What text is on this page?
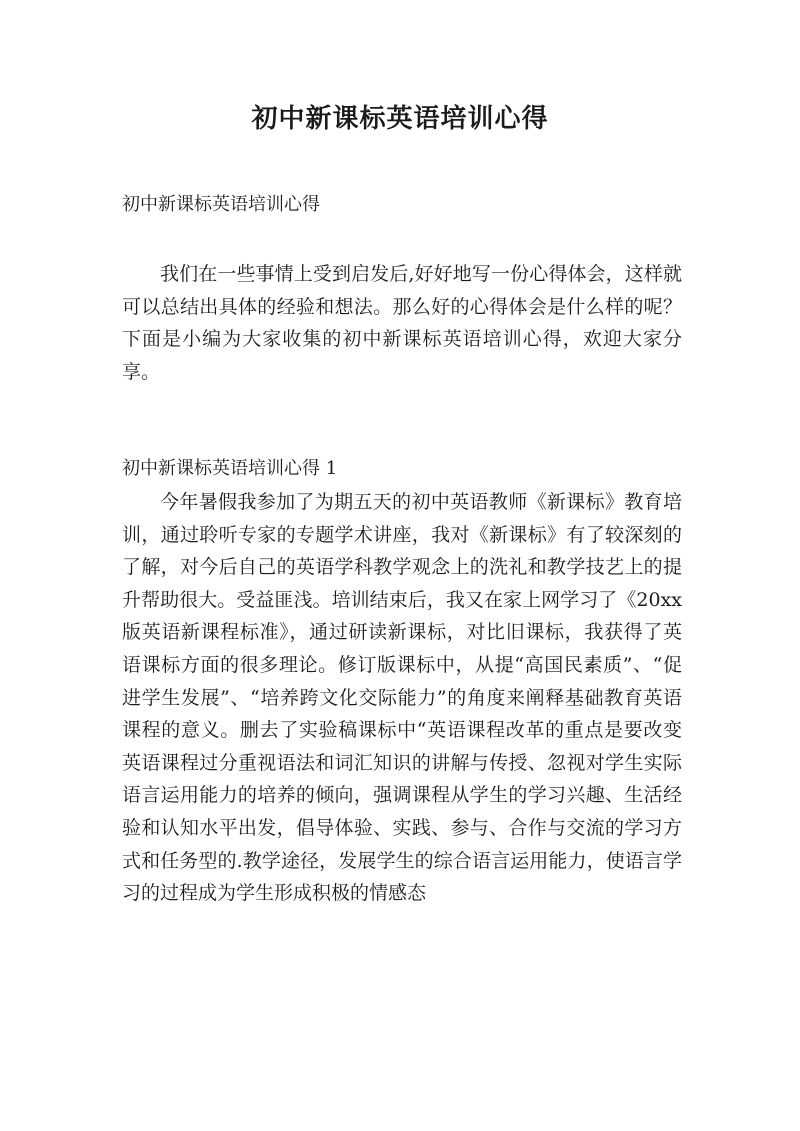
初中新课标英语培训心得

初中新课标英语培训心得

我们在一些事情上受到启发后,好好地写一份心得体会，这样就可以总结出具体的经验和想法。那么好的心得体会是什么样的呢？下面是小编为大家收集的初中新课标英语培训心得，欢迎大家分享。

初中新课标英语培训心得 1

今年暑假我参加了为期五天的初中英语教师《新课标》教育培训，通过聆听专家的专题学术讲座，我对《新课标》有了较深刻的了解，对今后自己的英语学科教学观念上的洗礼和教学技艺上的提升帮助很大。受益匪浅。培训结束后，我又在家上网学习了《20xx 版英语新课程标准》，通过研读新课标，对比旧课标，我获得了英语课标方面的很多理论。修订版课标中，从提“高国民素质”、“促进学生发展”、“培养跨文化交际能力”的角度来阐释基础教育英语课程的意义。删去了实验稿课标中“英语课程改革的重点是要改变英语课程过分重视语法和词汇知识的讲解与传授、忽视对学生实际语言运用能力的培养的倾向，强调课程从学生的学习兴趣、生活经验和认知水平出发，倡导体验、实践、参与、合作与交流的学习方式和任务型的.教学途径，发展学生的综合语言运用能力，使语言学习的过程成为学生形成积极的情感态
